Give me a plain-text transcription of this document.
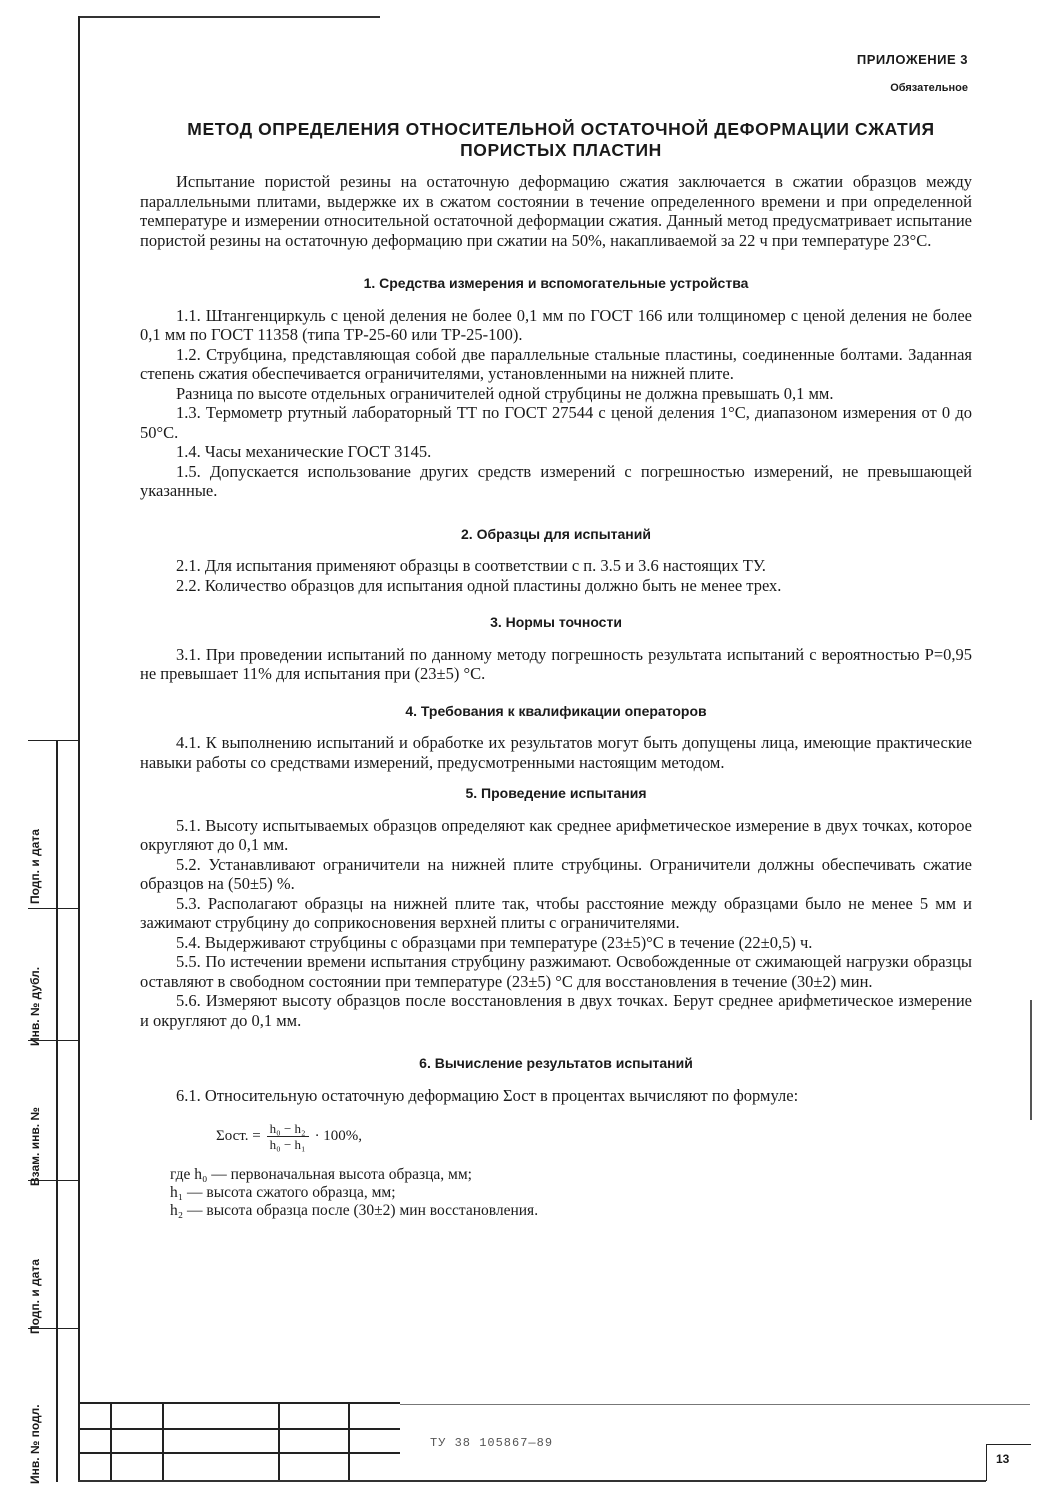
Подп. и дата
Инв. № дубл.
Взам. инв. №
Подп. и дата
Инв. № подл.
ПРИЛОЖЕНИЕ 3
Обязательное
МЕТОД ОПРЕДЕЛЕНИЯ ОТНОСИТЕЛЬНОЙ ОСТАТОЧНОЙ ДЕФОРМАЦИИ СЖАТИЯ ПОРИСТЫХ ПЛАСТИН

Испытание пористой резины на остаточную деформацию сжатия заключается в сжатии образцов между параллельными плитами, выдержке их в сжатом состоянии в течение определенного времени и при определенной температуре и измерении относительной остаточной деформации сжатия. Данный метод предусматривает испытание пористой резины на остаточную деформацию при сжатии на 50%, накапливаемой за 22 ч при температуре 23°С.

1. Средства измерения и вспомогательные устройства

1.1. Штангенциркуль с ценой деления не более 0,1 мм по ГОСТ 166 или толщиномер с ценой деления не более 0,1 мм по ГОСТ 11358 (типа ТР-25-60 или ТР-25-100).

1.2. Струбцина, представляющая собой две параллельные стальные пластины, соединенные болтами. Заданная степень сжатия обеспечивается ограничителями, установленными на нижней плите.

Разница по высоте отдельных ограничителей одной струбцины не должна превышать 0,1 мм.

1.3. Термометр ртутный лабораторный ТТ по ГОСТ 27544 с ценой деления 1°С, диапазоном измерения от 0 до 50°С.

1.4. Часы механические ГОСТ 3145.

1.5. Допускается использование других средств измерений с погрешностью измерений, не превышающей указанные.

2. Образцы для испытаний

2.1. Для испытания применяют образцы в соответствии с п. 3.5 и 3.6 настоящих ТУ.

2.2. Количество образцов для испытания одной пластины должно быть не менее трех.

3. Нормы точности

3.1. При проведении испытаний по данному методу погрешность результата испытаний с вероятностью Р=0,95 не превышает 11% для испытания при (23±5) °С.

4. Требования к квалификации операторов

4.1. К выполнению испытаний и обработке их результатов могут быть допущены лица, имеющие практические навыки работы со средствами измерений, предусмотренными настоящим методом.

5. Проведение испытания

5.1. Высоту испытываемых образцов определяют как среднее арифметическое измерение в двух точках, которое округляют до 0,1 мм.

5.2. Устанавливают ограничители на нижней плите струбцины. Ограничители должны обеспечивать сжатие образцов на (50±5) %.

5.3. Располагают образцы на нижней плите так, чтобы расстояние между образцами было не менее 5 мм и зажимают струбцину до соприкосновения верхней плиты с ограничителями.

5.4. Выдерживают струбцины с образцами при температуре (23±5)°С в течение (22±0,5) ч.

5.5. По истечении времени испытания струбцину разжимают. Освобожденные от сжимающей нагрузки образцы оставляют в свободном состоянии при температуре (23±5) °С для восстановления в течение (30±2) мин.

5.6. Измеряют высоту образцов после восстановления в двух точках. Берут среднее арифметическое измерение и округляют до 0,1 мм.

6. Вычисление результатов испытаний

6.1. Относительную остаточную деформацию Σост в процентах вычисляют по формуле:

Σост. = $\frac{\text{h₀ − h₂}}{\text{h₀ − h₁}} \cdot 100\%$,

где h₀ — первоначальная высота образца, мм;

h₁ — высота сжатого образца, мм;

h₂ — высота образца после (30±2) мин восстановления.

ТУ 38 105867—89
13
